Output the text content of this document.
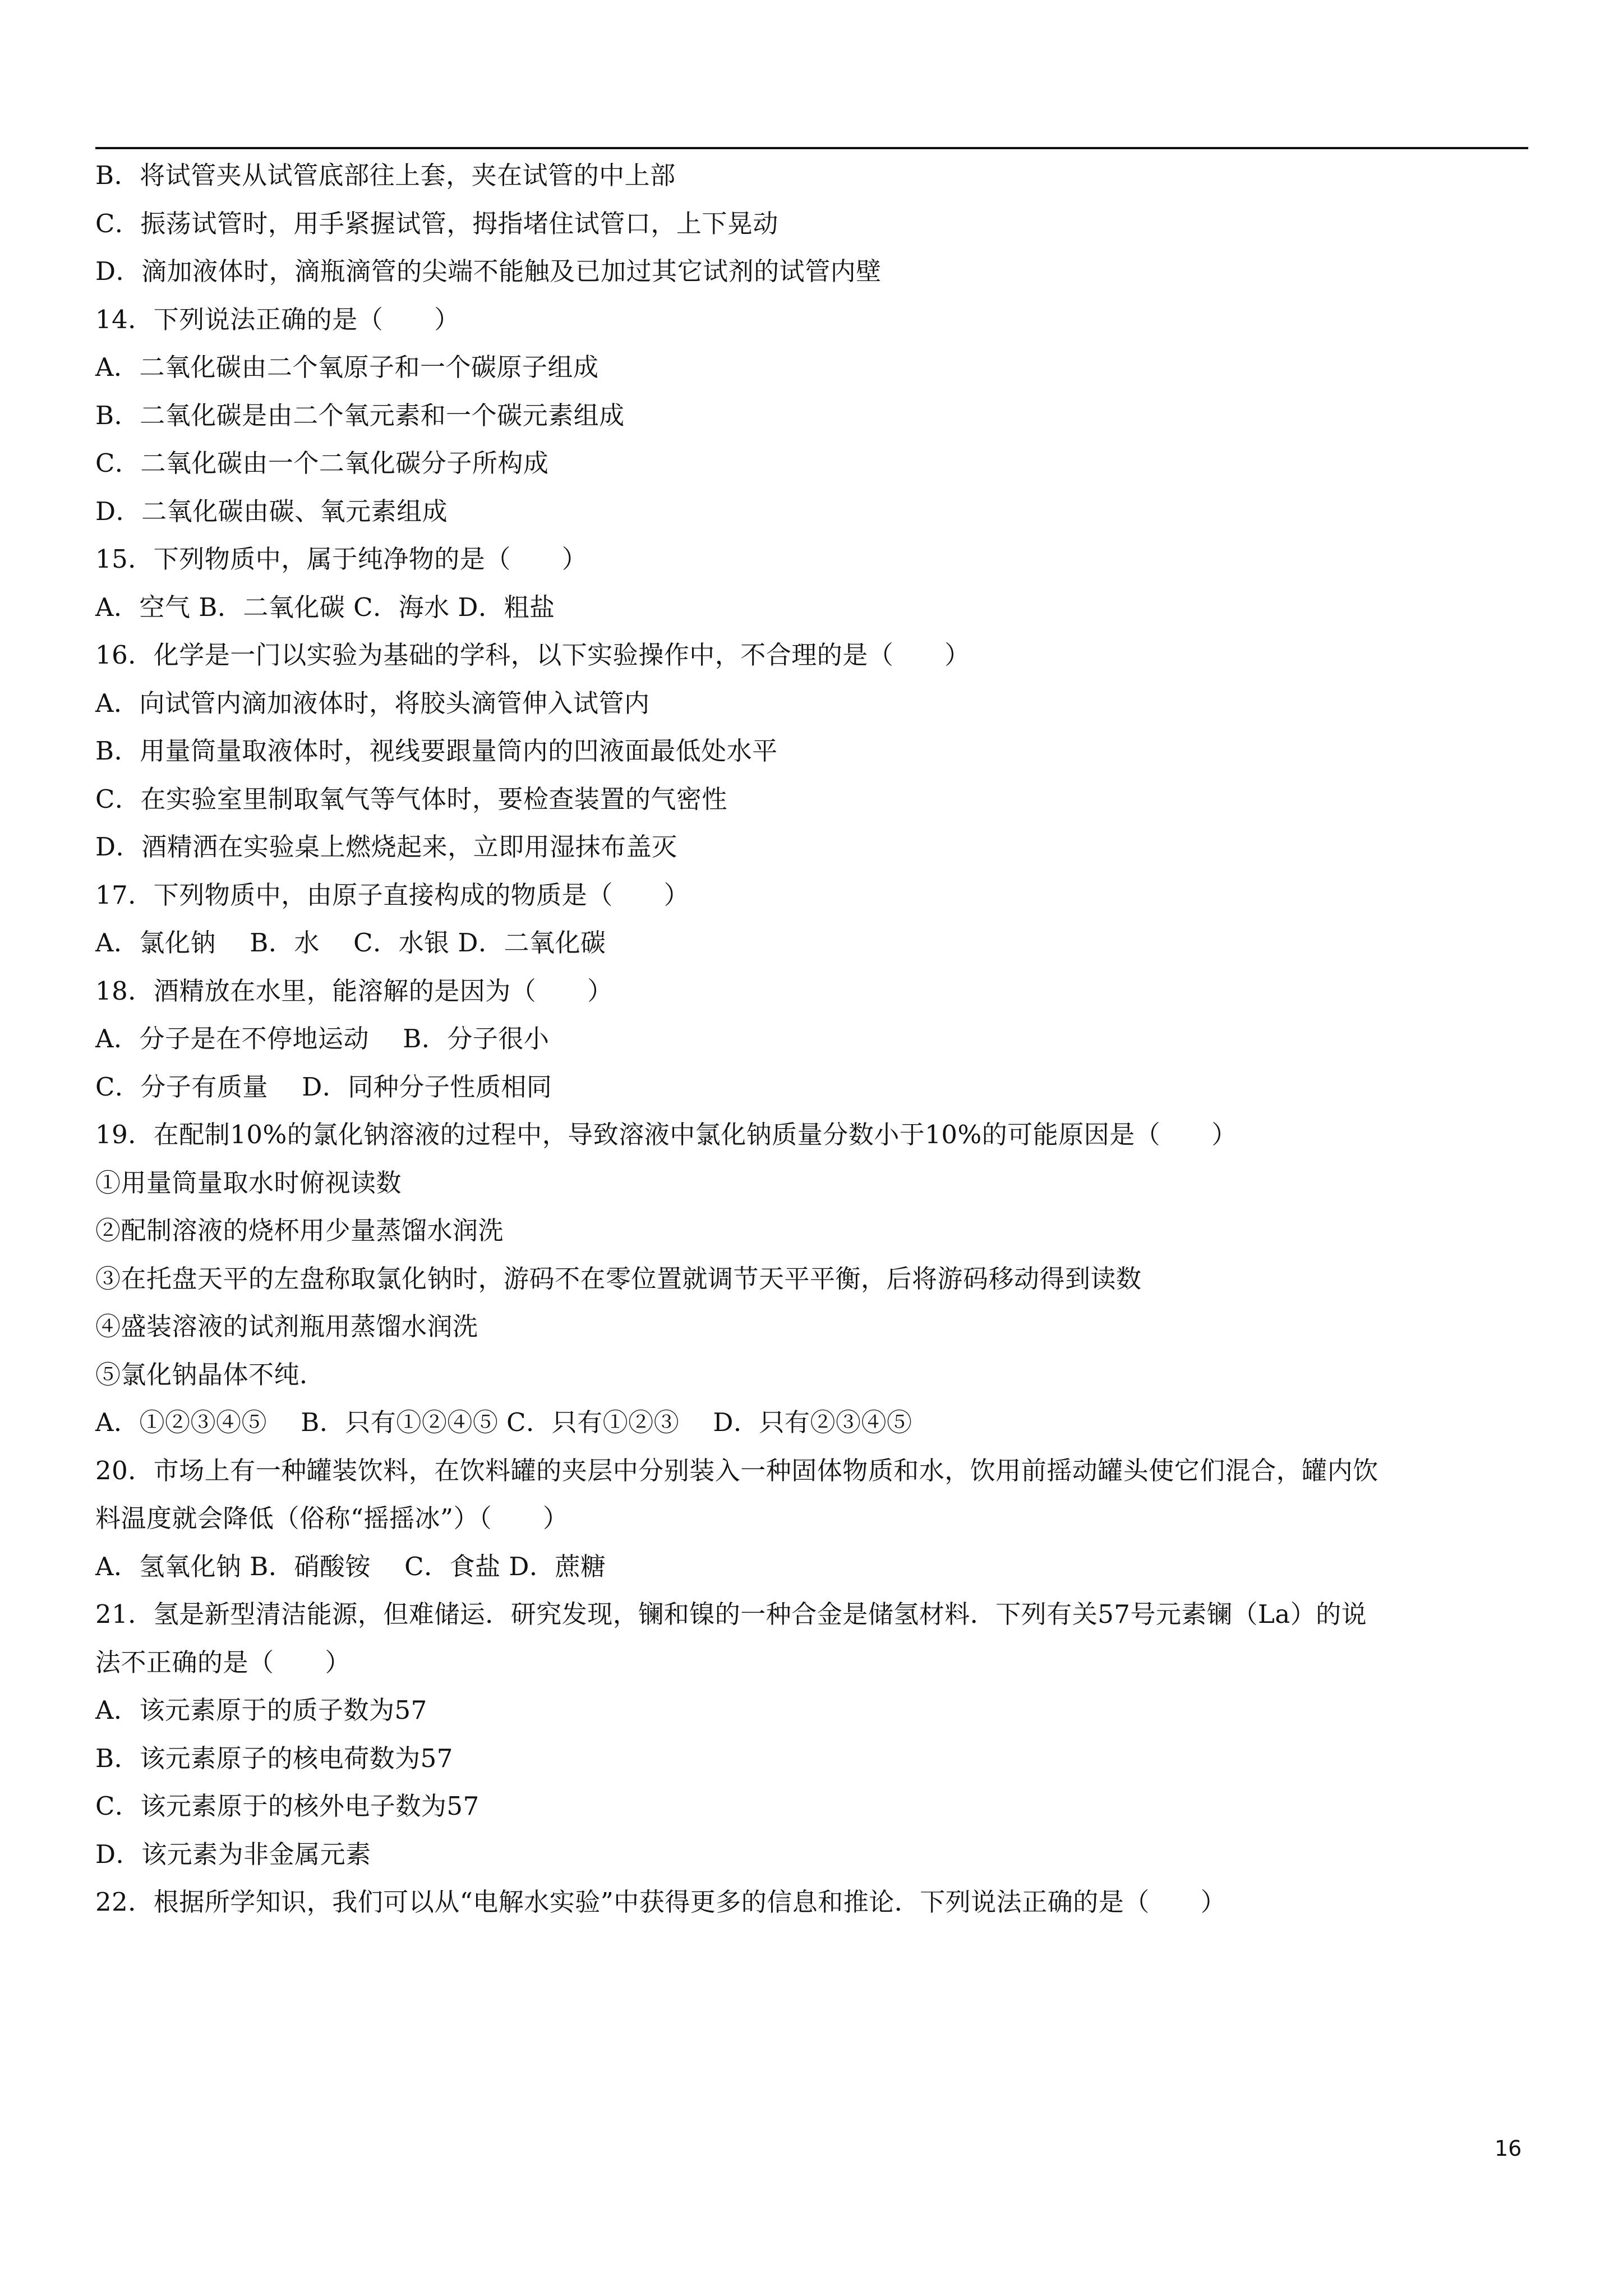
B．将试管夹从试管底部往上套，夹在试管的中上部
C．振荡试管时，用手紧握试管，拇指堵住试管口，上下晃动
D．滴加液体时，滴瓶滴管的尖端不能触及已加过其它试剂的试管内壁
14．下列说法正确的是（　　）
A．二氧化碳由二个氧原子和一个碳原子组成
B．二氧化碳是由二个氧元素和一个碳元素组成
C．二氧化碳由一个二氧化碳分子所构成
D．二氧化碳由碳、氧元素组成
15．下列物质中，属于纯净物的是（　　）
A．空气 B．二氧化碳 C．海水 D．粗盐
16．化学是一门以实验为基础的学科，以下实验操作中，不合理的是（　　）
A．向试管内滴加液体时，将胶头滴管伸入试管内
B．用量筒量取液体时，视线要跟量筒内的凹液面最低处水平
C．在实验室里制取氧气等气体时，要检查装置的气密性
D．酒精洒在实验桌上燃烧起来，立即用湿抹布盖灭
17．下列物质中，由原子直接构成的物质是（　　）
A．氯化钠　 B．水　 C．水银 D．二氧化碳
18．酒精放在水里，能溶解的是因为（　　）
A．分子是在不停地运动　 B．分子很小
C．分子有质量　 D．同种分子性质相同
19．在配制10%的氯化钠溶液的过程中，导致溶液中氯化钠质量分数小于10%的可能原因是（　　）
①用量筒量取水时俯视读数
②配制溶液的烧杯用少量蒸馏水润洗
③在托盘天平的左盘称取氯化钠时，游码不在零位置就调节天平平衡，后将游码移动得到读数
④盛装溶液的试剂瓶用蒸馏水润洗
⑤氯化钠晶体不纯．
A．①②③④⑤　 B．只有①②④⑤ C．只有①②③　 D．只有②③④⑤
20．市场上有一种罐装饮料，在饮料罐的夹层中分别装入一种固体物质和水，饮用前摇动罐头使它们混合，罐内饮
料温度就会降低（俗称“摇摇冰”）（　　）
A．氢氧化钠 B．硝酸铵　 C．食盐 D．蔗糖
21．氢是新型清洁能源，但难储运．研究发现，镧和镍的一种合金是储氢材料．下列有关57号元素镧（La）的说
法不正确的是（　　）
A．该元素原于的质子数为57
B．该元素原子的核电荷数为57
C．该元素原于的核外电子数为57
D．该元素为非金属元素
22．根据所学知识，我们可以从“电解水实验”中获得更多的信息和推论．下列说法正确的是（　　）
16
